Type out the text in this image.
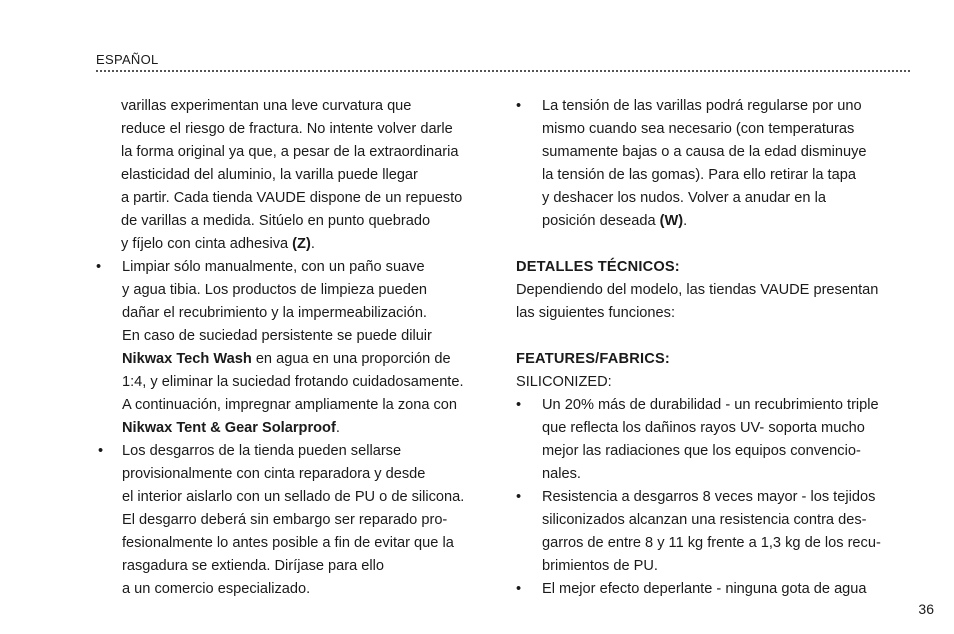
ESPAÑOL

varillas experimentan una leve curvatura que

reduce el riesgo de fractura. No intente volver darle

la forma original ya que, a pesar de la extraordinaria

elasticidad del aluminio, la varilla puede llegar

a partir. Cada tienda VAUDE dispone de un repuesto

de varillas a medida. Sitúelo en punto quebrado

y fíjelo con cinta adhesiva (Z).

• Limpiar sólo manualmente, con un paño suave

y agua tibia. Los productos de limpieza pueden

dañar el recubrimiento y la impermeabilización.

En caso de suciedad persistente se puede diluir

Nikwax Tech Wash en agua en una proporción de

1:4, y eliminar la suciedad frotando cuidadosamente.

A continuación, impregnar ampliamente la zona con

Nikwax Tent & Gear Solarproof.

• Los desgarros de la tienda pueden sellarse

provisionalmente con cinta reparadora y desde

el interior aislarlo con un sellado de PU o de silicona.

El desgarro deberá sin embargo ser reparado pro-

fesionalmente lo antes posible a fin de evitar que la

rasgadura se extienda. Diríjase para ello

a un comercio especializado.

• La tensión de las varillas podrá regularse por uno

mismo cuando sea necesario (con temperaturas

sumamente bajas o a causa de la edad disminuye

la tensión de las gomas). Para ello retirar la tapa

y deshacer los nudos. Volver a anudar en la

posición deseada (W).

DETALLES TÉCNICOS:

Dependiendo del modelo, las tiendas VAUDE presentan

las siguientes funciones:

FEATURES/FABRICS:

SILICONIZED:

• Un 20% más de durabilidad - un recubrimiento triple

que reflecta los dañinos rayos UV- soporta mucho

mejor las radiaciones que los equipos convencio-

nales.

• Resistencia a desgarros 8 veces mayor - los tejidos

siliconizados alcanzan una resistencia contra des-

garros de entre 8 y 11 kg frente a 1,3 kg de los recu-

brimientos de PU.

• El mejor efecto deperlante - ninguna gota de agua

36
